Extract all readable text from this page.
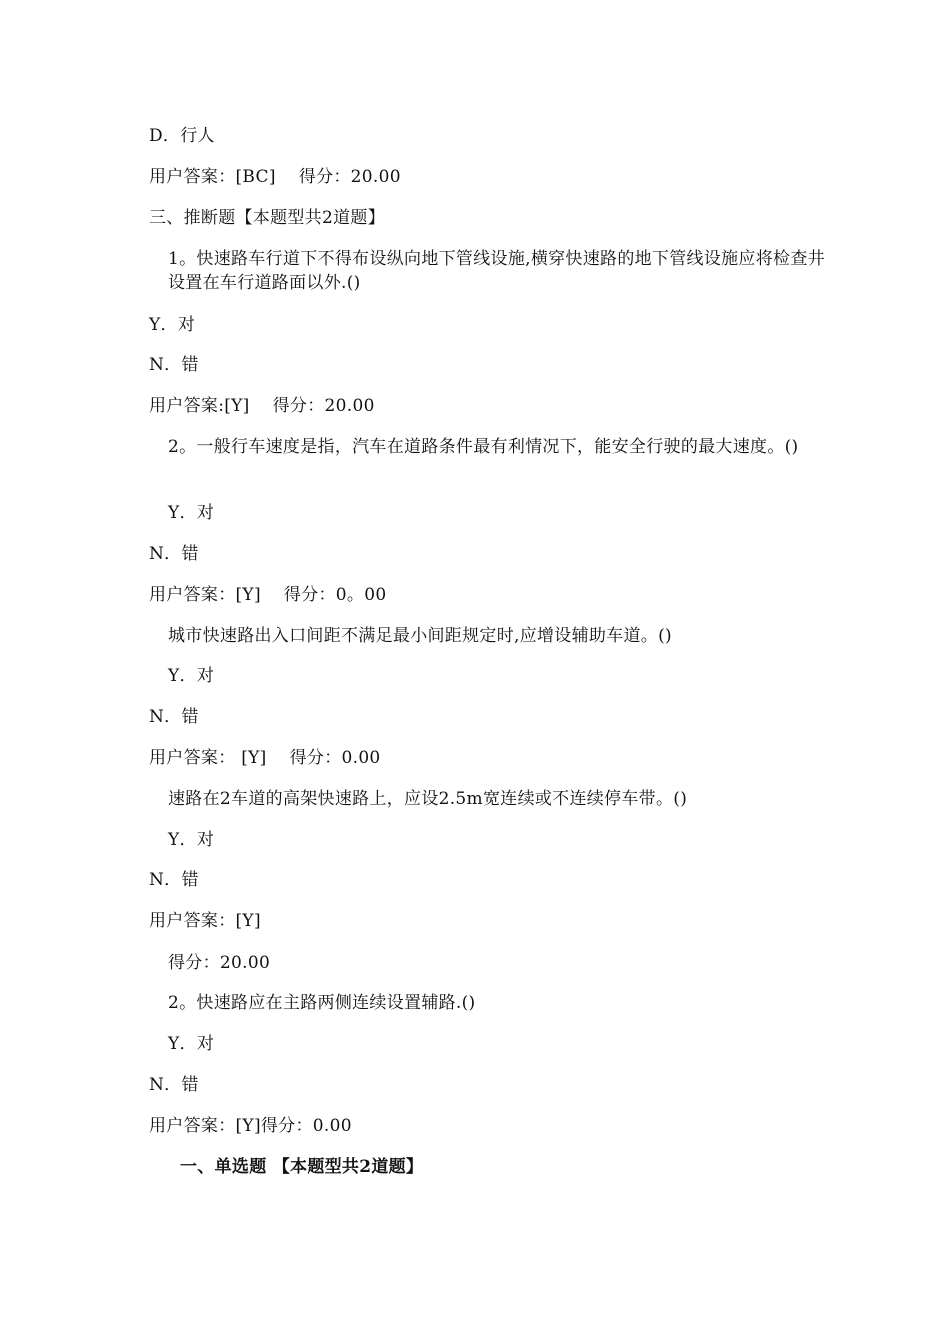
D．行人
用户答案：[BC]　 得分：20.00
三、推断题【本题型共2道题】
1。快速路车行道下不得布设纵向地下管线设施,横穿快速路的地下管线设施应将检查井设置在车行道路面以外.()
Y．对
N．错
用户答案:[Y]　 得分：20.00
2。一般行车速度是指，汽车在道路条件最有利情况下，能安全行驶的最大速度。()
Y．对
N．错
用户答案：[Y]　 得分：0。00
城市快速路出入口间距不满足最小间距规定时,应增设辅助车道。()
Y．对
N．错
用户答案： [Y]　 得分：0.00
速路在2车道的高架快速路上，应设2.5m宽连续或不连续停车带。()
Y．对
N．错
用户答案：[Y]
得分：20.00
2。快速路应在主路两侧连续设置辅路.()
Y．对
N．错
用户答案：[Y]得分：0.00
一、单选题 【本题型共2道题】
